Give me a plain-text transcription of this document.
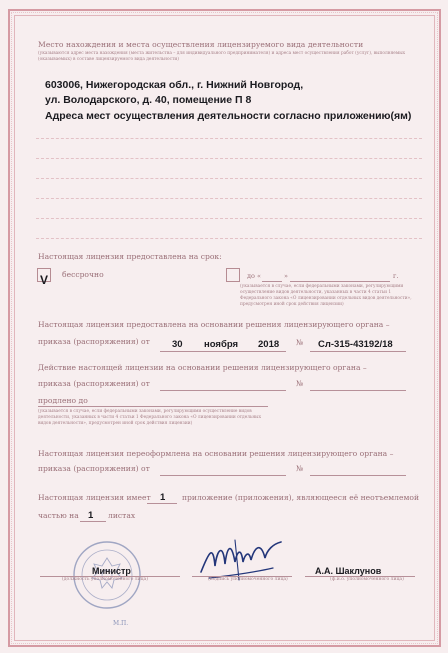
Место нахождения и места осуществления лицензируемого вида деятельности
(указываются адрес места нахождения (места жительства – для индивидуального предпринимателя) и адреса мест осуществления работ (услуг), выполняемых (оказываемых) в составе лицензируемого вида деятельности)
603006, Нижегородская обл., г. Нижний Новгород,
ул. Володарского, д. 40, помещение П 8
Адреса мест осуществления деятельности согласно приложению(ям)
Настоящая лицензия предоставлена на срок:
V бессрочно	до «	»	г.
(указывается в случае, если федеральными законами, регулирующими осуществление видов деятельности, указанных в части 4 статьи 1 Федерального закона «О лицензировании отдельных видов деятельности», предусмотрен иной срок действия лицензии)
Настоящая лицензия предоставлена на основании решения лицензирующего органа –
приказа (распоряжения) от 30 ноября 2018 № Сл-315-43192/18
Действие настоящей лицензии на основании решения лицензирующего органа –
приказа (распоряжения) от	№
продлено до
(указывается в случае, если федеральными законами, регулирующими осуществление видов деятельности, указанных в части 4 статьи 1 Федерального закона «О лицензировании отдельных видов деятельности», предусмотрен иной срок действия лицензии)
Настоящая лицензия переоформлена на основании решения лицензирующего органа –
приказа (распоряжения) от	№
Настоящая лицензия имеет 1 приложение (приложения), являющееся её неотъемлемой
частью на 1 листах
М.П.
Министр
(должность уполномоченного лица)	(подпись уполномоченного лица)
А.А. Шаклунов
(ф.и.о. уполномоченного лица)
